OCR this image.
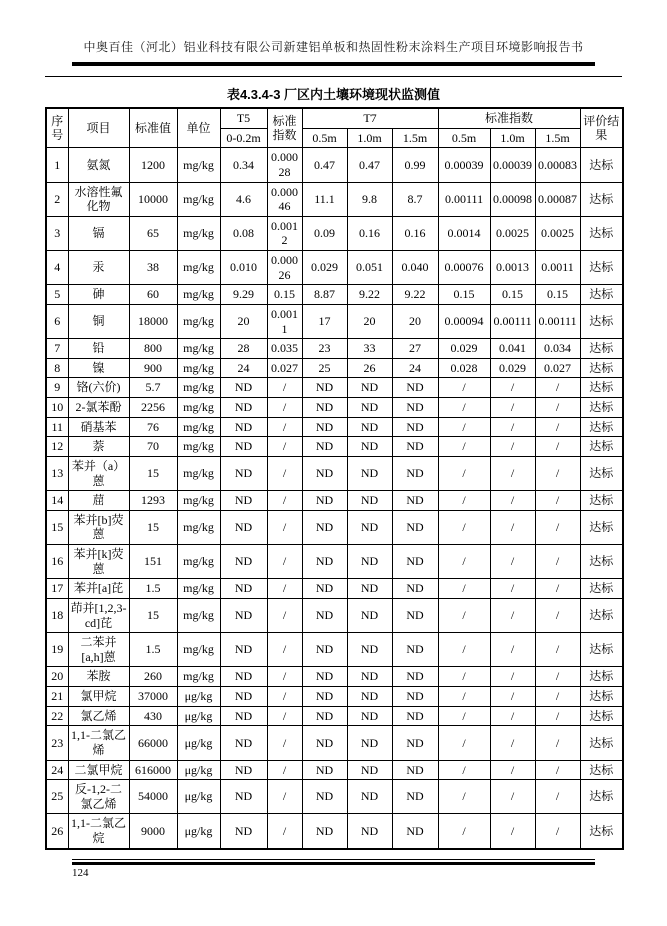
中奥百佳（河北）铝业科技有限公司新建铝单板和热固性粉末涂料生产项目环境影响报告书
表4.3.4-3 厂区内土壤环境现状监测值
序号	项目	标准值	单位	T5	标准指数	T7			标准指数			评价结果
				0-0.2m		0.5m	1.0m	1.5m	0.5m	1.0m	1.5m	
1	氨氮	1200	mg/kg	0.34	0.00028	0.47	0.47	0.99	0.00039	0.00039	0.00083	达标
2	水溶性氟化物	10000	mg/kg	4.6	0.00046	11.1	9.8	8.7	0.00111	0.00098	0.00087	达标
3	镉	65	mg/kg	0.08	0.0012	0.09	0.16	0.16	0.0014	0.0025	0.0025	达标
4	汞	38	mg/kg	0.010	0.00026	0.029	0.051	0.040	0.00076	0.0013	0.0011	达标
5	砷	60	mg/kg	9.29	0.15	8.87	9.22	9.22	0.15	0.15	0.15	达标
6	铜	18000	mg/kg	20	0.0011	17	20	20	0.00094	0.00111	0.00111	达标
7	铅	800	mg/kg	28	0.035	23	33	27	0.029	0.041	0.034	达标
8	镍	900	mg/kg	24	0.027	25	26	24	0.028	0.029	0.027	达标
9	铬(六价)	5.7	mg/kg	ND	/	ND	ND	ND	/	/	/	达标
10	2-氯苯酚	2256	mg/kg	ND	/	ND	ND	ND	/	/	/	达标
11	硝基苯	76	mg/kg	ND	/	ND	ND	ND	/	/	/	达标
12	萘	70	mg/kg	ND	/	ND	ND	ND	/	/	/	达标
13	苯并（a）蒽	15	mg/kg	ND	/	ND	ND	ND	/	/	/	达标
14	䓛	1293	mg/kg	ND	/	ND	ND	ND	/	/	/	达标
15	苯并[b]荧蒽	15	mg/kg	ND	/	ND	ND	ND	/	/	/	达标
16	苯并[k]荧蒽	151	mg/kg	ND	/	ND	ND	ND	/	/	/	达标
17	苯并[a]芘	1.5	mg/kg	ND	/	ND	ND	ND	/	/	/	达标
18	茚并[1,2,3-cd]芘	15	mg/kg	ND	/	ND	ND	ND	/	/	/	达标
19	二苯并[a,h]蒽	1.5	mg/kg	ND	/	ND	ND	ND	/	/	/	达标
20	苯胺	260	mg/kg	ND	/	ND	ND	ND	/	/	/	达标
21	氯甲烷	37000	μg/kg	ND	/	ND	ND	ND	/	/	/	达标
22	氯乙烯	430	μg/kg	ND	/	ND	ND	ND	/	/	/	达标
23	1,1-二氯乙烯	66000	μg/kg	ND	/	ND	ND	ND	/	/	/	达标
24	二氯甲烷	616000	μg/kg	ND	/	ND	ND	ND	/	/	/	达标
25	反-1,2-二氯乙烯	54000	μg/kg	ND	/	ND	ND	ND	/	/	/	达标
26	1,1-二氯乙烷	9000	μg/kg	ND	/	ND	ND	ND	/	/	/	达标
124
